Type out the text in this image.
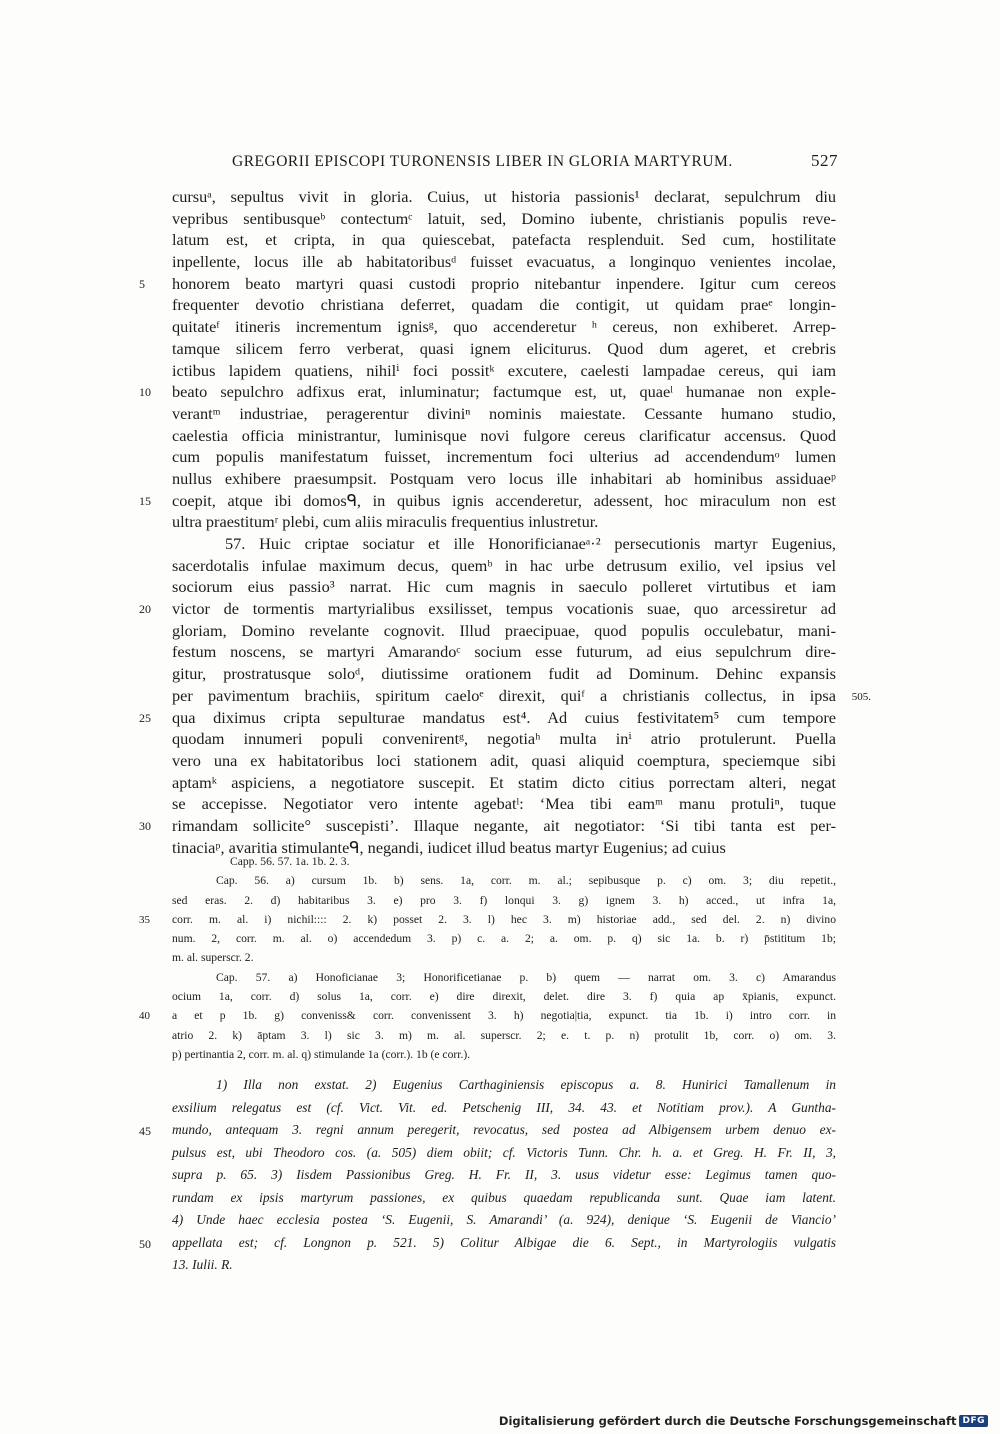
GREGORII EPISCOPI TURONENSIS LIBER IN GLORIA MARTYRUM.	527
cursuᵃ, sepultus vivit in gloria. Cuius, ut historia passionis¹ declarat, sepulchrum diu
vepribus sentibusqueᵇ contectumᶜ latuit, sed, Domino iubente, christianis populis reve-
latum est, et cripta, in qua quiescebat, patefacta resplenduit. Sed cum, hostilitate
inpellente, locus ille ab habitatoribusᵈ fuisset evacuatus, a longinquo venientes incolae,
5	honorem beato martyri quasi custodi proprio nitebantur inpendere. Igitur cum cereos
frequenter devotio christiana deferret, quadam die contigit, ut quidam praeᵉ longin-
quitateᶠ itineris incrementum ignisᵍ, quo accenderetur ʰ cereus, non exhiberet. Arrep-
tamque silicem ferro verberat, quasi ignem eliciturus. Quod dum ageret, et crebris
ictibus lapidem quatiens, nihilⁱ foci possitᵏ excutere, caelesti lampadae cereus, qui iam
10	beato sepulchro adfixus erat, inluminatur; factumque est, ut, quaeˡ humanae non exple-
verantᵐ industriae, peragerentur diviniⁿ nominis maiestate. Cessante humano studio,
caelestia officia ministrantur, luminisque novi fulgore cereus clarificatur accensus. Quod
cum populis manifestatum fuisset, incrementum foci ulterius ad accendendumᵒ lumen
nullus exhibere praesumpsit. Postquam vero locus ille inhabitari ab hominibus assiduaeᵖ
15	coepit, atque ibi domosᑫ, in quibus ignis accenderetur, adessent, hoc miraculum non est
ultra praestitumʳ plebi, cum aliis miraculis frequentius inlustretur.
57. Huic criptae sociatur et ille Honorificianaeᵃ·² persecutionis martyr Eugenius,
sacerdotalis infulae maximum decus, quemᵇ in hac urbe detrusum exilio, vel ipsius vel
sociorum eius passio³ narrat. Hic cum magnis in saeculo polleret virtutibus et iam
20	victor de tormentis martyrialibus exsilisset, tempus vocationis suae, quo arcessiretur ad
gloriam, Domino revelante cognovit. Illud praecipuae, quod populis occulebatur, mani-
festum noscens, se martyri Amarandoᶜ socium esse futurum, ad eius sepulchrum dire-
gitur, prostratusque soloᵈ, diutissime orationem fudit ad Dominum. Dehinc expansis
per pavimentum brachiis, spiritum caeloᵉ direxit, quiᶠ a christianis collectus, in ipsa 505.
25	qua diximus cripta sepulturae mandatus est⁴. Ad cuius festivitatem⁵ cum tempore
quodam innumeri populi convenirentᵍ, negotiaʰ multa inⁱ atrio protulerunt. Puella
vero una ex habitatoribus loci stationem adit, quasi aliquid coemptura, speciemque sibi
aptamᵏ aspiciens, a negotiatore suscepit. Et statim dicto citius porrectam alteri, negat
se accepisse. Negotiator vero intente agebatˡ: ‘Mea tibi eamᵐ manu protuliⁿ, tuque
30	rimandam sollicite° suscepisti’. Illaque negante, ait negotiator: ‘Si tibi tanta est per-
tinaciaᵖ, avaritia stimulanteᑫ, negandi, iudicet illud beatus martyr Eugenius; ad cuius
Capp. 56. 57. 1a. 1b. 2. 3.
Cap. 56. a) cursum 1b. b) sens. 1a, corr. m. al.; sepibusque p. c) om. 3; diu repetit.,
sed eras. 2. d) habitaribus 3. e) pro 3. f) lonqui 3. g) ignem 3. h) acced., ut infra 1a,
35	corr. m. al. i) nichil:::: 2. k) posset 2. 3. l) hec 3. m) historiae add., sed del. 2. n) divino
num. 2, corr. m. al. o) accendedum 3. p) c. a. 2; a. om. p. q) sic 1a. b. r) p̄stititum 1b;
m. al. superscr. 2.
Cap. 57. a) Honoficianae 3; Honorificetianae p. b) quem — narrat om. 3. c) Amarandus
ocium 1a, corr. d) solus 1a, corr. e) dire direxit, delet. dire 3. f) quia ap x̄pianis, expunct.
40	a et p 1b. g) conveniss& corr. convenissent 3. h) negotia|tia, expunct. tia 1b. i) intro corr. in
atrio 2. k) āptam 3. l) sic 3. m) m. al. superscr. 2; e. t. p. n) protulit 1b, corr. o) om. 3.
p) pertinantia 2, corr. m. al. q) stimulande 1a (corr.). 1b (e corr.).
1) Illa non exstat. 2) Eugenius Carthaginiensis episcopus a. 8. Hunirici Tamallenum in
exsilium relegatus est (cf. Vict. Vit. ed. Petschenig III, 34. 43. et Notitiam prov.). A Guntha-
45	mundo, antequam 3. regni annum peregerit, revocatus, sed postea ad Albigensem urbem denuo ex-
pulsus est, ubi Theodoro cos. (a. 505) diem obiit; cf. Victoris Tunn. Chr. h. a. et Greg. H. Fr. II, 3,
supra p. 65. 3) Iisdem Passionibus Greg. H. Fr. II, 3. usus videtur esse: Legimus tamen quo-
rundam ex ipsis martyrum passiones, ex quibus quaedam republicanda sunt. Quae iam latent.
4) Unde haec ecclesia postea ‘S. Eugenii, S. Amarandi’ (a. 924), denique ‘S. Eugenii de Viancio’
50	appellata est; cf. Longnon p. 521. 5) Colitur Albigae die 6. Sept., in Martyrologiis vulgatis
13. Iulii. R.
Digitalisierung gefördert durch die Deutsche Forschungsgemeinschaft DFG
